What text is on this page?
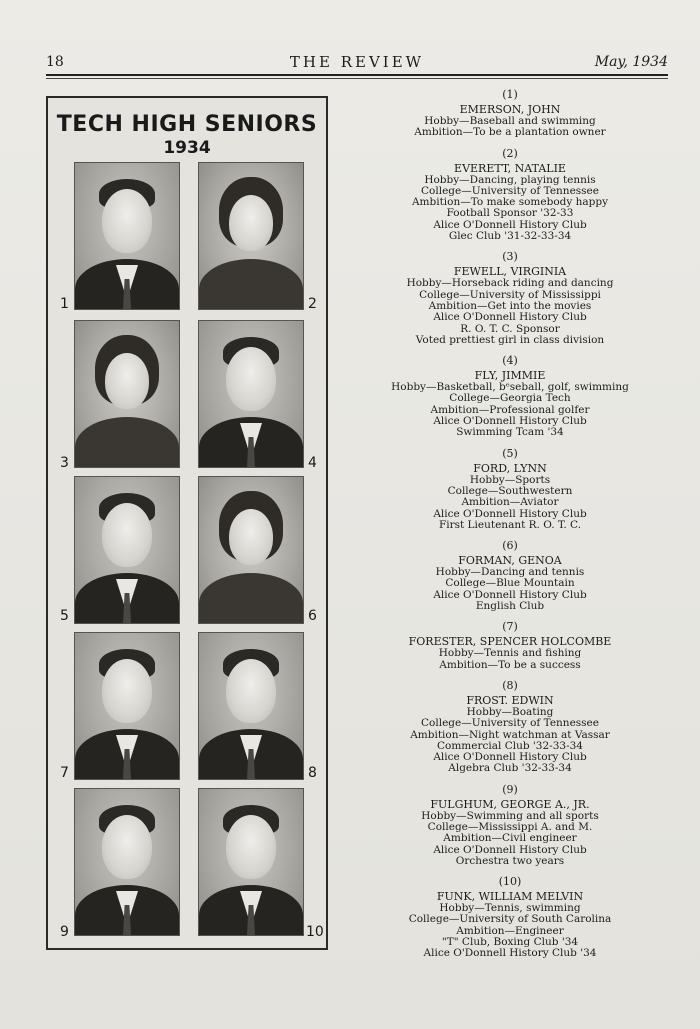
18	THE REVIEW	May, 1934
TECH HIGH SENIORS
1934
1	2
3	4
5	6
7	8
9	10
(1)
EMERSON, JOHN
Hobby—Baseball and swimming
Ambition—To be a plantation owner
(2)
EVERETT, NATALIE
Hobby—Dancing, playing tennis
College—University of Tennessee
Ambition—To make somebody happy
Football Sponsor '32-33
Alice O'Donnell History Club
Glec Club '31-32-33-34
(3)
FEWELL, VIRGINIA
Hobby—Horseback riding and dancing
College—University of Mississippi
Ambition—Get into the movies
Alice O'Donnell History Club
R. O. T. C. Sponsor
Voted prettiest girl in class division
(4)
FLY, JIMMIE
Hobby—Basketball, bᵉseball, golf, swimming
College—Georgia Tech
Ambition—Professional golfer
Alice O'Donnell History Club
Swimming Tcam '34
(5)
FORD, LYNN
Hobby—Sports
College—Southwestern
Ambition—Aviator
Alice O'Donnell History Club
First Lieutenant R. O. T. C.
(6)
FORMAN, GENOA
Hobby—Dancing and tennis
College—Blue Mountain
Alice O'Donnell History Club
English Club
(7)
FORESTER, SPENCER HOLCOMBE
Hobby—Tennis and fishing
Ambition—To be a success
(8)
FROST. EDWIN
Hobby—Boating
College—University of Tennessee
Ambition—Night watchman at Vassar
Commercial Club '32-33-34
Alice O'Donnell History Club
Algebra Club '32-33-34
(9)
FULGHUM, GEORGE A., JR.
Hobby—Swimming and all sports
College—Mississippi A. and M.
Ambition—Civil engineer
Alice O'Donnell History Club
Orchestra two years
(10)
FUNK, WILLIAM MELVIN
Hobby—Tennis, swimming
College—University of South Carolina
Ambition—Engineer
"T" Club, Boxing Club '34
Alice O'Donnell History Club '34
